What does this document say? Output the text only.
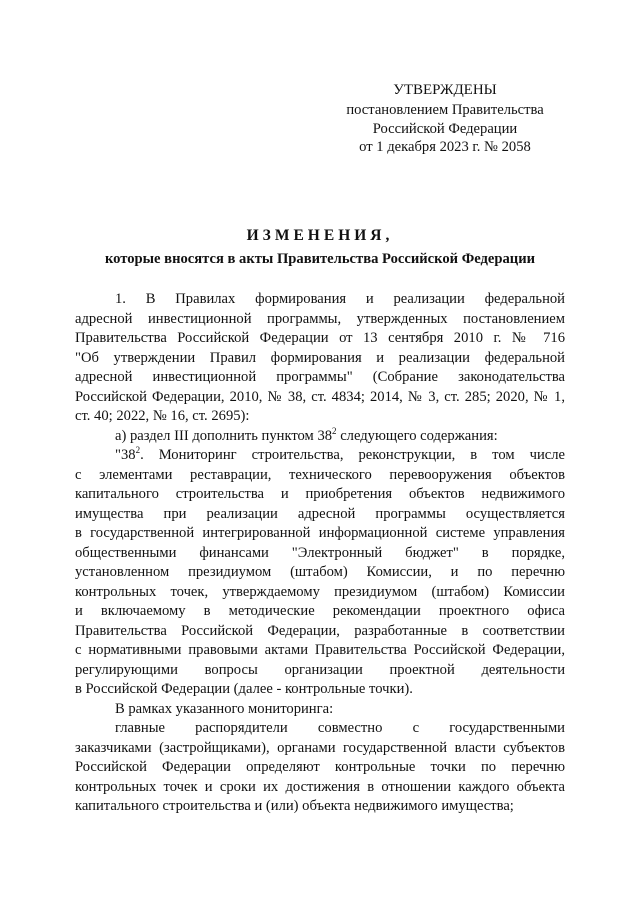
УТВЕРЖДЕНЫ
постановлением Правительства
Российской Федерации
от 1 декабря 2023 г. № 2058
ИЗМЕНЕНИЯ,
которые вносятся в акты Правительства Российской Федерации
1. В Правилах формирования и реализации федеральной
адресной инвестиционной программы, утвержденных постановлением
Правительства Российской Федерации от 13 сентября 2010 г. № 716
"Об утверждении Правил формирования и реализации федеральной
адресной инвестиционной программы" (Собрание законодательства
Российской Федерации, 2010, № 38, ст. 4834; 2014, № 3, ст. 285; 2020, № 1,
ст. 40; 2022, № 16, ст. 2695):
а) раздел III дополнить пунктом $38^2$ следующего содержания:
"$38^2$. Мониторинг строительства, реконструкции, в том числе
с элементами реставрации, технического перевооружения объектов
капитального строительства и приобретения объектов недвижимого
имущества при реализации адресной программы осуществляется
в государственной интегрированной информационной системе управления
общественными финансами "Электронный бюджет" в порядке,
установленном президиумом (штабом) Комиссии, и по перечню
контрольных точек, утверждаемому президиумом (штабом) Комиссии
и включаемому в методические рекомендации проектного офиса
Правительства Российской Федерации, разработанные в соответствии
с нормативными правовыми актами Правительства Российской Федерации,
регулирующими вопросы организации проектной деятельности
в Российской Федерации (далее - контрольные точки).
В рамках указанного мониторинга:
главные распорядители совместно с государственными
заказчиками (застройщиками), органами государственной власти субъектов
Российской Федерации определяют контрольные точки по перечню
контрольных точек и сроки их достижения в отношении каждого объекта
капитального строительства и (или) объекта недвижимого имущества;
